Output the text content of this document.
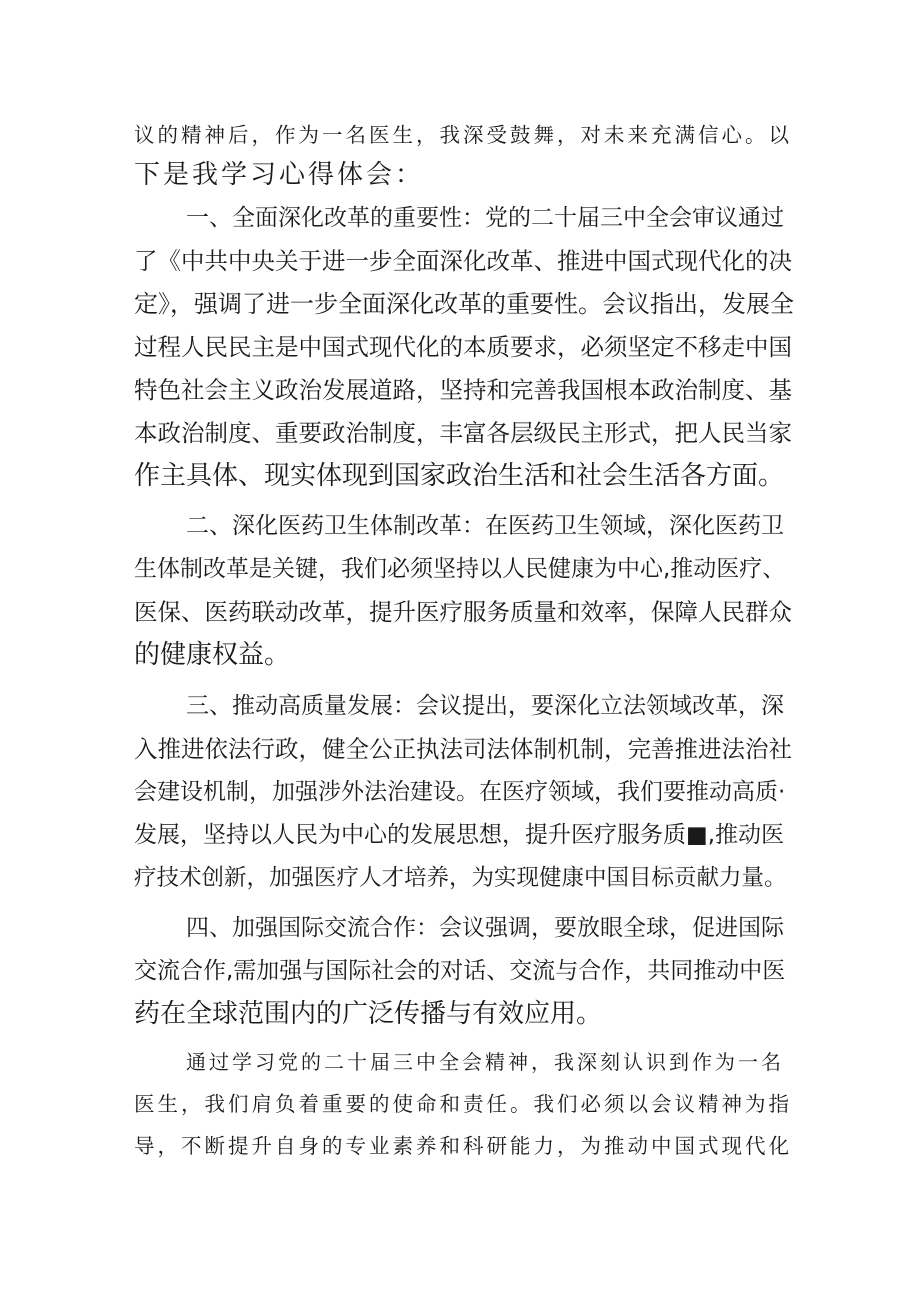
议的精神后，作为一名医生，我深受鼓舞，对未来充满信心。以
下是我学习心得体会：
一、全面深化改革的重要性：党的二十届三中全会审议通过
了《中共中央关于进一步全面深化改革、推进中国式现代化的决
定》，强调了进一步全面深化改革的重要性。会议指出，发展全
过程人民民主是中国式现代化的本质要求，必须坚定不移走中国
特色社会主义政治发展道路，坚持和完善我国根本政治制度、基
本政治制度、重要政治制度，丰富各层级民主形式，把人民当家
作主具体、现实体现到国家政治生活和社会生活各方面。
二、深化医药卫生体制改革：在医药卫生领域，深化医药卫
生体制改革是关键，我们必须坚持以人民健康为中心,推动医疗、
医保、医药联动改革，提升医疗服务质量和效率，保障人民群众
的健康权益。
三、推动高质量发展：会议提出，要深化立法领域改革，深
入推进依法行政，健全公正执法司法体制机制，完善推进法治社
会建设机制，加强涉外法治建设。在医疗领域，我们要推动高质·
发展，坚持以人民为中心的发展思想，提升医疗服务质■,推动医
疗技术创新，加强医疗人才培养，为实现健康中国目标贡献力量。
四、加强国际交流合作：会议强调，要放眼全球，促进国际
交流合作,需加强与国际社会的对话、交流与合作，共同推动中医
药在全球范围内的广泛传播与有效应用。
通过学习党的二十届三中全会精神，我深刻认识到作为一名
医生，我们肩负着重要的使命和责任。我们必须以会议精神为指
导，不断提升自身的专业素养和科研能力，为推动中国式现代化
